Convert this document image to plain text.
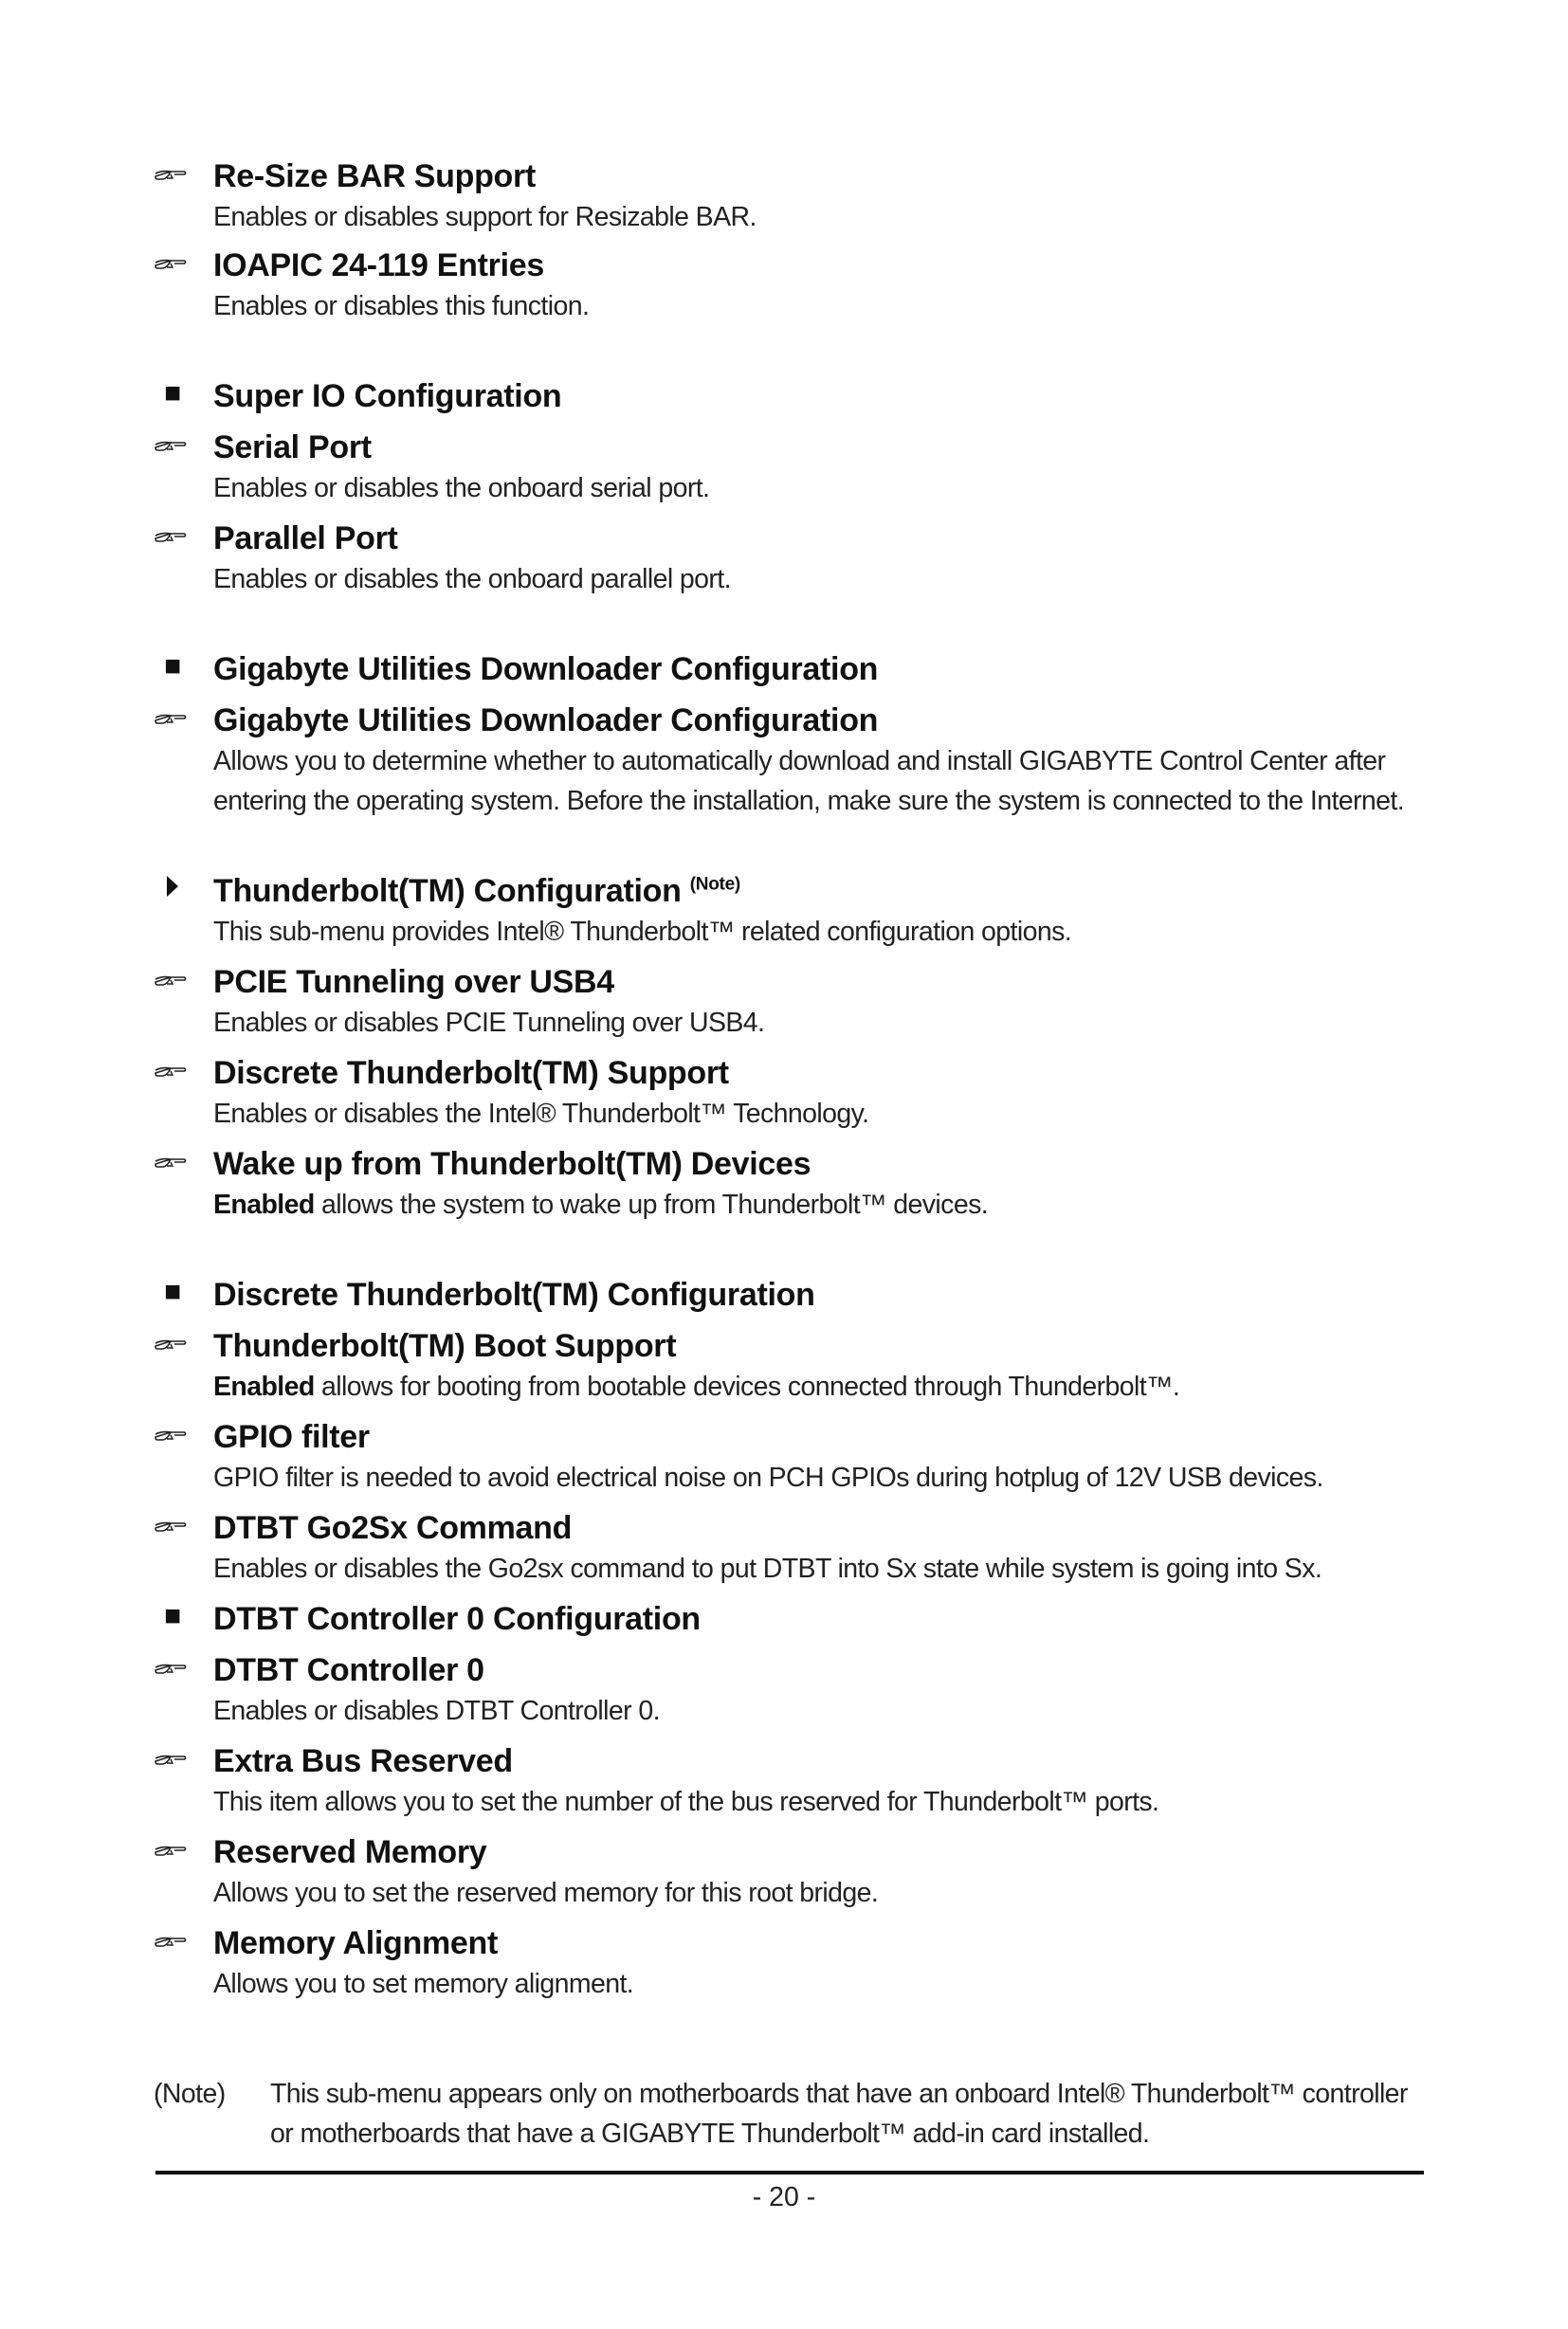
Re-Size BAR Support
Enables or disables support for Resizable BAR.
IOAPIC 24-119 Entries
Enables or disables this function.
■ Super IO Configuration
Serial Port
Enables or disables the onboard serial port.
Parallel Port
Enables or disables the onboard parallel port.
■ Gigabyte Utilities Downloader Configuration
Gigabyte Utilities Downloader Configuration
Allows you to determine whether to automatically download and install GIGABYTE Control Center after entering the operating system. Before the installation, make sure the system is connected to the Internet.
Thunderbolt(TM) Configuration $^{(Note)}$
This sub-menu provides Intel® Thunderbolt™ related configuration options.
PCIE Tunneling over USB4
Enables or disables PCIE Tunneling over USB4.
Discrete Thunderbolt(TM) Support
Enables or disables the Intel® Thunderbolt™ Technology.
Wake up from Thunderbolt(TM) Devices
Enabled allows the system to wake up from Thunderbolt™ devices.
■ Discrete Thunderbolt(TM) Configuration
Thunderbolt(TM) Boot Support
Enabled allows for booting from bootable devices connected through Thunderbolt™.
GPIO filter
GPIO filter is needed to avoid electrical noise on PCH GPIOs during hotplug of 12V USB devices.
DTBT Go2Sx Command
Enables or disables the Go2sx command to put DTBT into Sx state while system is going into Sx.
■ DTBT Controller 0 Configuration
DTBT Controller 0
Enables or disables DTBT Controller 0.
Extra Bus Reserved
This item allows you to set the number of the bus reserved for Thunderbolt™ ports.
Reserved Memory
Allows you to set the reserved memory for this root bridge.
Memory Alignment
Allows you to set memory alignment.
(Note) This sub-menu appears only on motherboards that have an onboard Intel® Thunderbolt™ controller or motherboards that have a GIGABYTE Thunderbolt™ add-in card installed.
- 20 -
